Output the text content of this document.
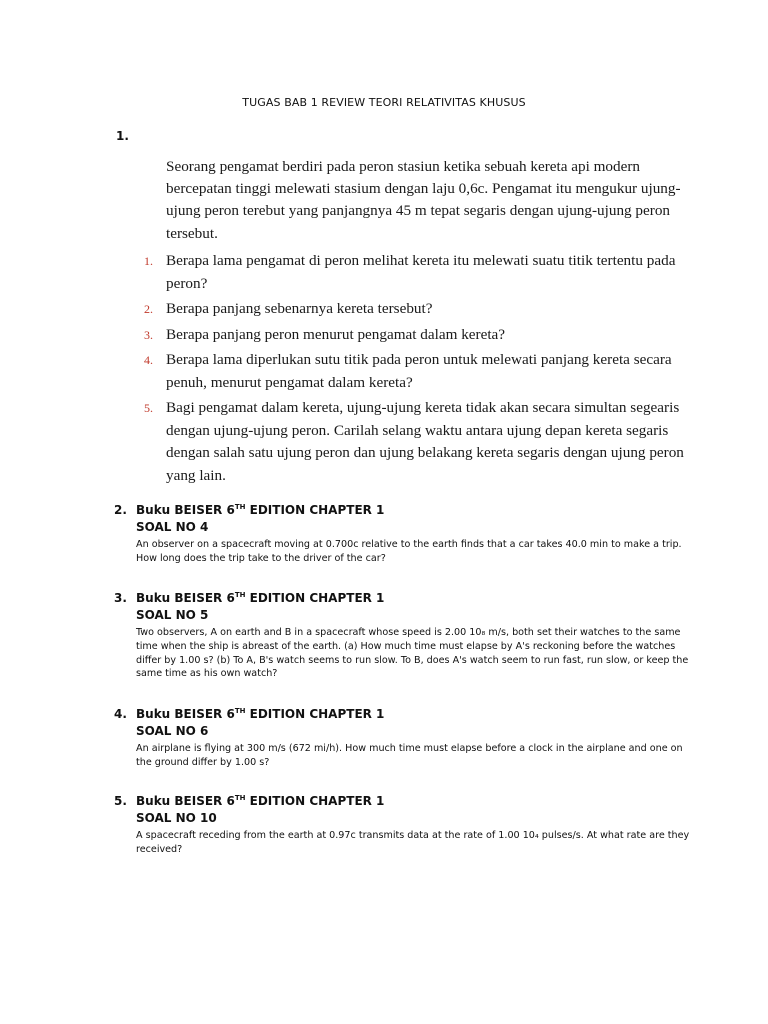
TUGAS BAB 1 REVIEW TEORI RELATIVITAS KHUSUS
1.
Seorang pengamat berdiri pada peron stasiun ketika sebuah kereta api modern bercepatan tinggi melewati stasium dengan laju 0,6c. Pengamat itu mengukur ujung-ujung peron terebut yang panjangnya 45 m tepat segaris dengan ujung-ujung peron tersebut.
1. Berapa lama pengamat di peron melihat kereta itu melewati suatu titik tertentu pada peron?
2. Berapa panjang sebenarnya kereta tersebut?
3. Berapa panjang peron menurut pengamat dalam kereta?
4. Berapa lama diperlukan sutu titik pada peron untuk melewati panjang kereta secara penuh, menurut pengamat dalam kereta?
5. Bagi pengamat dalam kereta, ujung-ujung kereta tidak akan secara simultan segearis dengan ujung-ujung peron. Carilah selang waktu antara ujung depan kereta segaris dengan salah satu ujung peron dan ujung belakang kereta segaris dengan ujung peron yang lain.
2. Buku BEISER 6TH EDITION CHAPTER 1
SOAL NO 4
An observer on a spacecraft moving at 0.700c relative to the earth finds that a car takes 40.0 min to make a trip. How long does the trip take to the driver of the car?
3. Buku BEISER 6TH EDITION CHAPTER 1
SOAL NO 5
Two observers, A on earth and B in a spacecraft whose speed is 2.00 10₈ m/s, both set their watches to the same time when the ship is abreast of the earth. (a) How much time must elapse by A's reckoning before the watches differ by 1.00 s? (b) To A, B's watch seems to run slow. To B, does A's watch seem to run fast, run slow, or keep the same time as his own watch?
4. Buku BEISER 6TH EDITION CHAPTER 1
SOAL NO 6
An airplane is flying at 300 m/s (672 mi/h). How much time must elapse before a clock in the airplane and one on the ground differ by 1.00 s?
5. Buku BEISER 6TH EDITION CHAPTER 1
SOAL NO 10
A spacecraft receding from the earth at 0.97c transmits data at the rate of 1.00 10₄ pulses/s. At what rate are they received?
